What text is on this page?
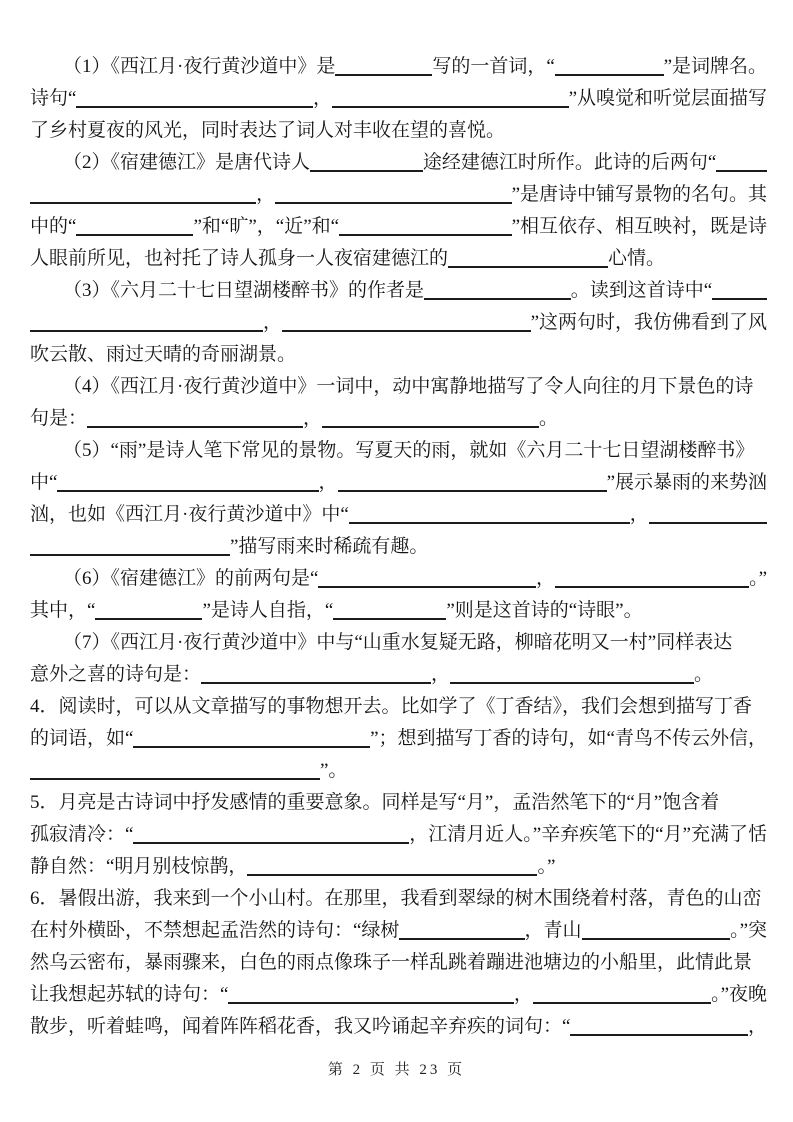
（1）《西江月·夜行黄沙道中》是	写的一首词，“	”是词牌名。
诗句“	，	”从嗅觉和听觉层面描写
了乡村夏夜的风光，同时表达了词人对丰收在望的喜悦。
（2）《宿建德江》是唐代诗人	途经建德江时所作。此诗的后两句“
，	”是唐诗中铺写景物的名句。其
中的“	”和“旷”，“近”和“	”相互依存、相互映衬，既是诗
人眼前所见，也衬托了诗人孤身一人夜宿建德江的	心情。
（3）《六月二十七日望湖楼醉书》的作者是	。读到这首诗中“
，	”这两句时，我仿佛看到了风
吹云散、雨过天晴的奇丽湖景。
（4）《西江月·夜行黄沙道中》一词中，动中寓静地描写了令人向往的月下景色的诗
句是：	，	。
（5）“雨”是诗人笔下常见的景物。写夏天的雨，就如《六月二十七日望湖楼醉书》
中“	，	”展示暴雨的来势汹
汹，也如《西江月·夜行黄沙道中》中“	，
”描写雨来时稀疏有趣。
（6）《宿建德江》的前两句是“	，	。”
其中，“	”是诗人自指，“	”则是这首诗的“诗眼”。
（7）《西江月·夜行黄沙道中》中与“山重水复疑无路，柳暗花明又一村”同样表达
意外之喜的诗句是：	，	。
4．阅读时，可以从文章描写的事物想开去。比如学了《丁香结》，我们会想到描写丁香
的词语，如“	”；想到描写丁香的诗句，如“青鸟不传云外信，
”。
5．月亮是古诗词中抒发感情的重要意象。同样是写“月”，孟浩然笔下的“月”饱含着
孤寂清冷：“	，江清月近人。”辛弃疾笔下的“月”充满了恬
静自然：“明月别枝惊鹊，	。”
6．暑假出游，我来到一个小山村。在那里，我看到翠绿的树木围绕着村落，青色的山峦
在村外横卧，不禁想起孟浩然的诗句：“绿树	，青山	。”突
然乌云密布，暴雨骤来，白色的雨点像珠子一样乱跳着蹦进池塘边的小船里，此情此景
让我想起苏轼的诗句：“	，	。”夜晚
散步，听着蛙鸣，闻着阵阵稻花香，我又吟诵起辛弃疾的词句：“	，
第 2 页 共 23 页
